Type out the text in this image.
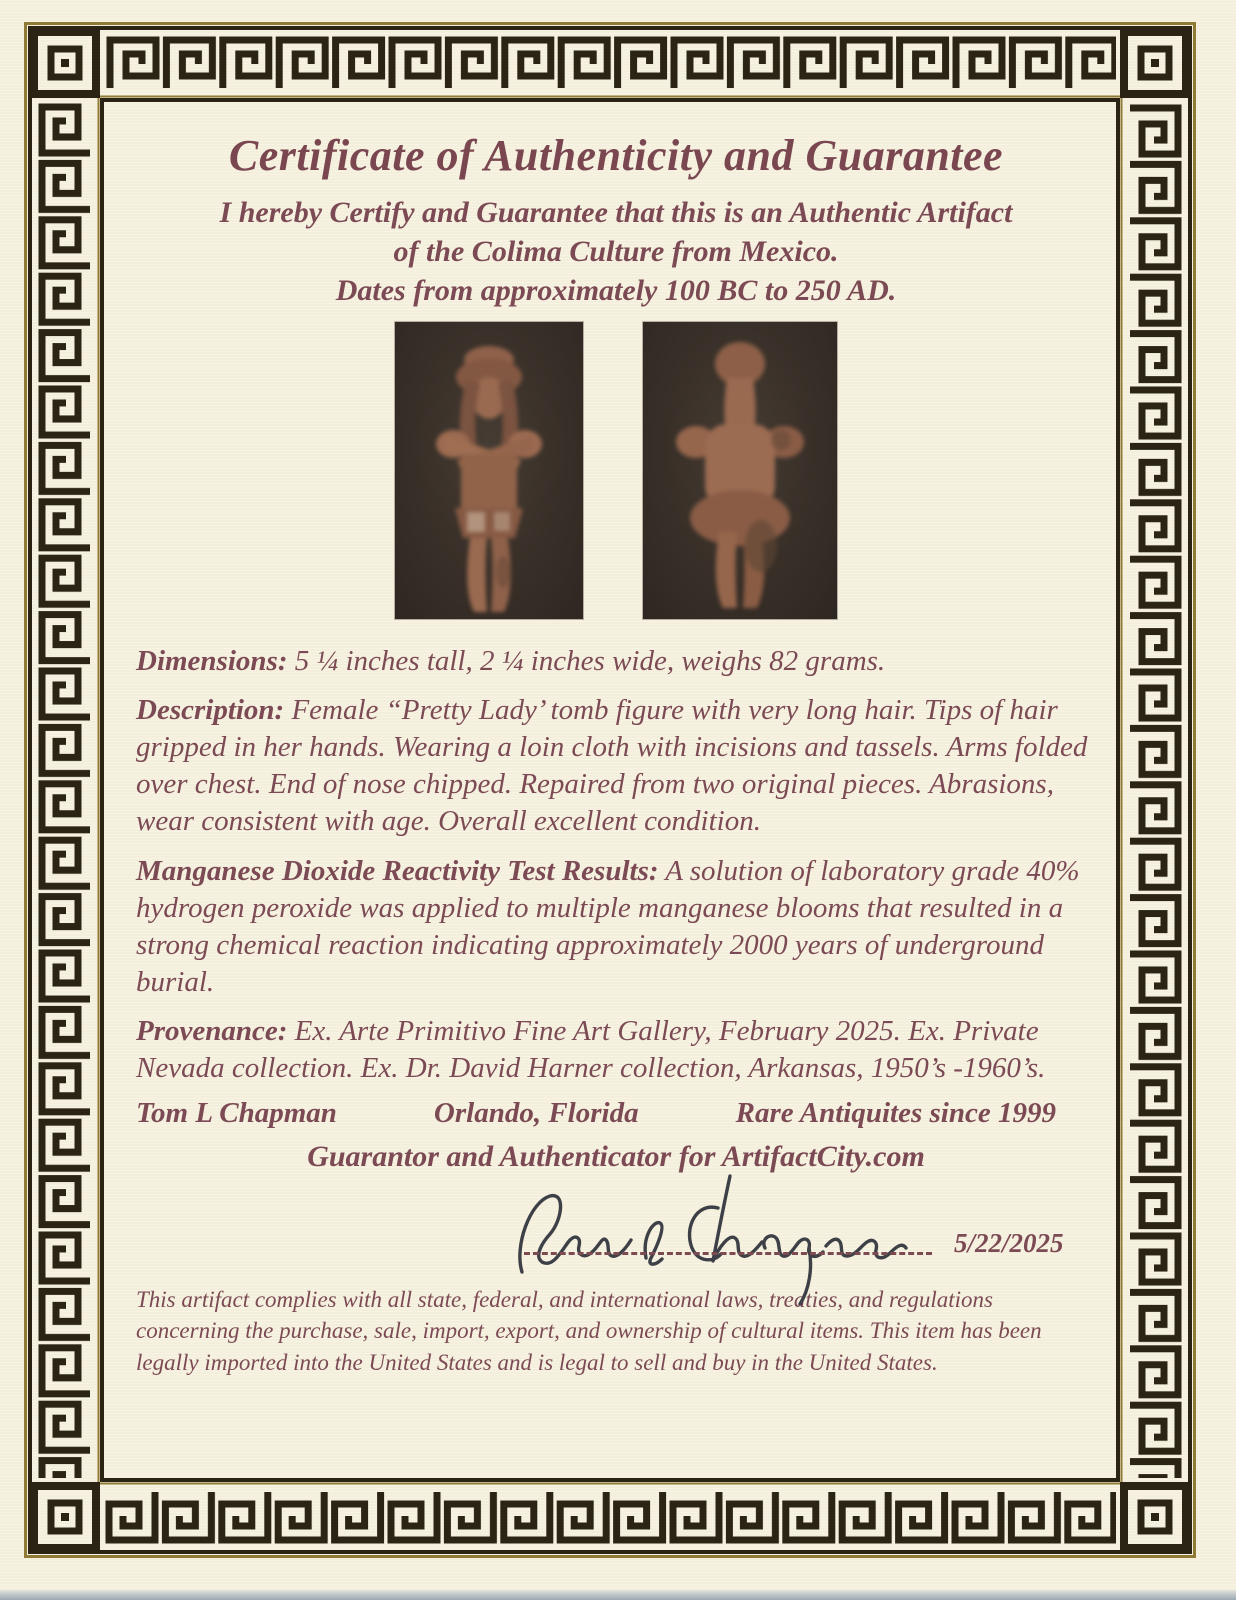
Certificate of Authenticity and Guarantee
I hereby Certify and Guarantee that this is an Authentic Artifact
of the Colima Culture from Mexico.
Dates from approximately 100 BC to 250 AD.

Dimensions: 5 ¼ inches tall, 2 ¼ inches wide, weighs 82 grams.

Description: Female “Pretty Lady’ tomb figure with very long hair. Tips of hair gripped in her hands. Wearing a loin cloth with incisions and tassels. Arms folded over chest. End of nose chipped. Repaired from two original pieces. Abrasions, wear consistent with age. Overall excellent condition.

Manganese Dioxide Reactivity Test Results: A solution of laboratory grade 40% hydrogen peroxide was applied to multiple manganese blooms that resulted in a strong chemical reaction indicating approximately 2000 years of underground burial.

Provenance: Ex. Arte Primitivo Fine Art Gallery, February 2025. Ex. Private Nevada collection. Ex. Dr. David Harner collection, Arkansas, 1950’s -1960’s.

Tom L Chapman	Orlando, Florida	Rare Antiquites since 1999
Guarantor and Authenticator for ArtifactCity.com
5/22/2025

This artifact complies with all state, federal, and international laws, treaties, and regulations concerning the purchase, sale, import, export, and ownership of cultural items. This item has been legally imported into the United States and is legal to sell and buy in the United States.
